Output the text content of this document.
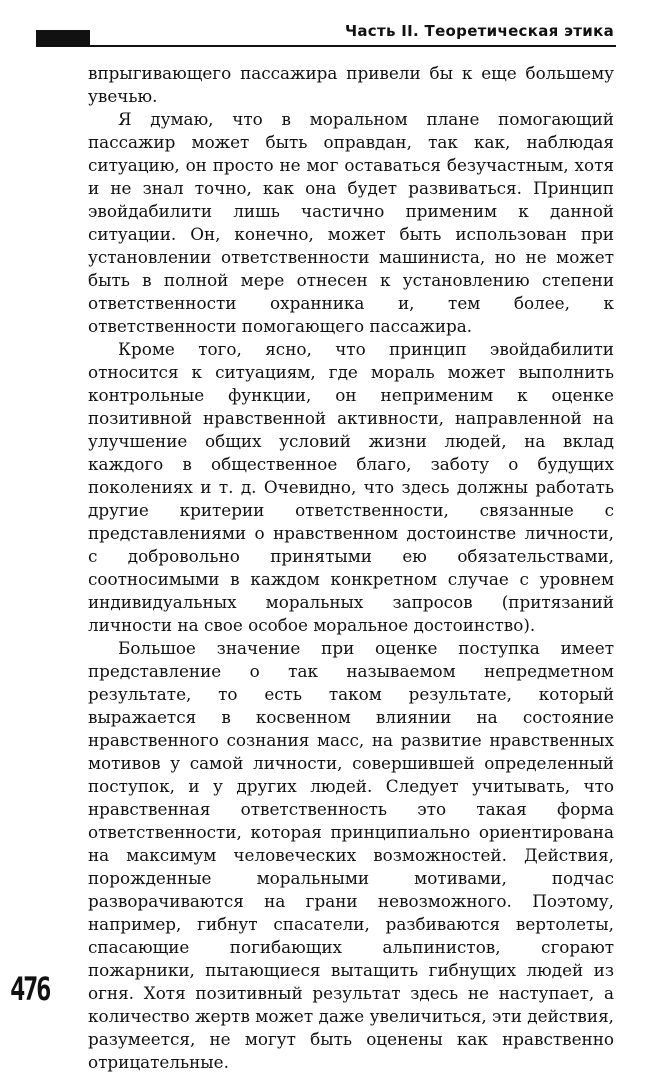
Часть II. Теоретическая этика

впрыгивающего пассажира привели бы к еще большему увечью.

Я думаю, что в моральном плане помогающий пассажир может быть оправдан, так как, наблюдая ситуацию, он просто не мог оставаться безучастным, хотя и не знал точно, как она будет развиваться. Принцип эвойдабилити лишь частично применим к данной ситуации. Он, конечно, может быть использован при установлении ответственности машиниста, но не может быть в полной мере отнесен к установлению степени ответственности охранника и, тем более, к ответственности помогающего пассажира.

Кроме того, ясно, что принцип эвойдабилити относится к ситуациям, где мораль может выполнить контрольные функции, он неприменим к оценке позитивной нравственной активности, направленной на улучшение общих условий жизни людей, на вклад каждого в общественное благо, заботу о будущих поколениях и т. д. Очевидно, что здесь должны работать другие критерии ответственности, связанные с представлениями о нравственном достоинстве личности, с добровольно принятыми ею обязательствами, соотносимыми в каждом конкретном случае с уровнем индивидуальных моральных запросов (притязаний личности на свое особое моральное достоинство).

Большое значение при оценке поступка имеет представление о так называемом непредметном результате, то есть таком результате, который выражается в косвенном влиянии на состояние нравственного сознания масс, на развитие нравственных мотивов у самой личности, совершившей определенный поступок, и у других людей. Следует учитывать, что нравственная ответственность это такая форма ответственности, которая принципиально ориентирована на максимум человеческих возможностей. Действия, порожденные моральными мотивами, подчас разворачиваются на грани невозможного. Поэтому, например, гибнут спасатели, разбиваются вертолеты, спасающие погибающих альпинистов, сгорают пожарники, пытающиеся вытащить гибнущих людей из огня. Хотя позитивный результат здесь не наступает, а количество жертв может даже увеличиться, эти действия, разумеется, не могут быть оценены как нравственно отрицательные.

476
